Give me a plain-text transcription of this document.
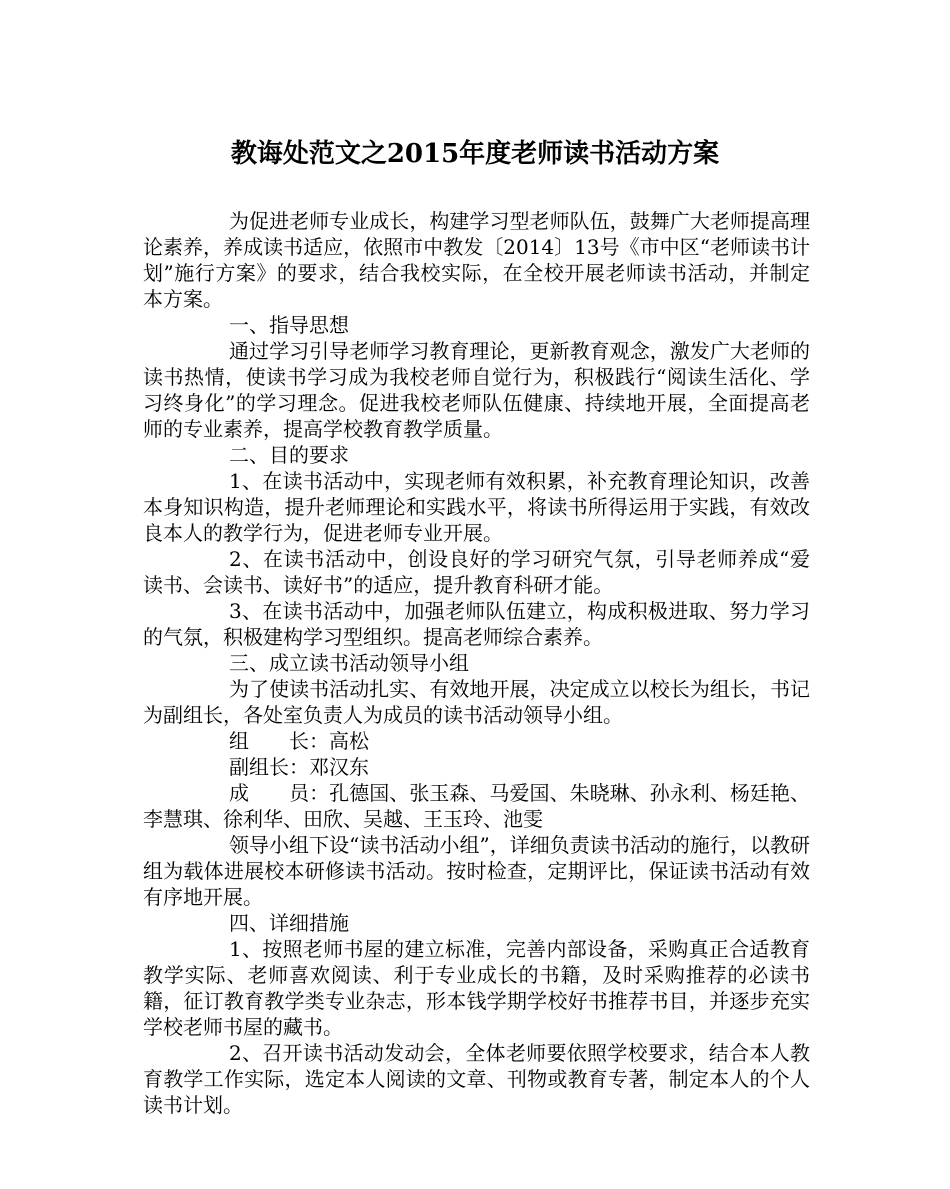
教诲处范文之2015年度老师读书活动方案

为促进老师专业成长，构建学习型老师队伍，鼓舞广大老师提高理论素养，养成读书适应，依照市中教发〔2014〕13号《市中区“老师读书计划”施行方案》的要求，结合我校实际，在全校开展老师读书活动，并制定本方案。

一、指导思想

通过学习引导老师学习教育理论，更新教育观念，激发广大老师的读书热情，使读书学习成为我校老师自觉行为，积极践行“阅读生活化、学习终身化”的学习理念。促进我校老师队伍健康、持续地开展，全面提高老师的专业素养，提高学校教育教学质量。

二、目的要求

1、在读书活动中，实现老师有效积累，补充教育理论知识，改善本身知识构造，提升老师理论和实践水平，将读书所得运用于实践，有效改良本人的教学行为，促进老师专业开展。

2、在读书活动中，创设良好的学习研究气氛，引导老师养成“爱读书、会读书、读好书”的适应，提升教育科研才能。

3、在读书活动中，加强老师队伍建立，构成积极进取、努力学习的气氛，积极建构学习型组织。提高老师综合素养。

三、成立读书活动领导小组

为了使读书活动扎实、有效地开展，决定成立以校长为组长，书记为副组长，各处室负责人为成员的读书活动领导小组。

组　　长：高松

副组长：邓汉东

成　　员：孔德国、张玉森、马爱国、朱晓琳、孙永利、杨廷艳、李慧琪、徐利华、田欣、吴越、王玉玲、池雯

领导小组下设“读书活动小组”，详细负责读书活动的施行，以教研组为载体进展校本研修读书活动。按时检查，定期评比，保证读书活动有效有序地开展。

四、详细措施

1、按照老师书屋的建立标准，完善内部设备，采购真正合适教育教学实际、老师喜欢阅读、利于专业成长的书籍，及时采购推荐的必读书籍，征订教育教学类专业杂志，形本钱学期学校好书推荐书目，并逐步充实学校老师书屋的藏书。

2、召开读书活动发动会，全体老师要依照学校要求，结合本人教育教学工作实际，选定本人阅读的文章、刊物或教育专著，制定本人的个人读书计划。
